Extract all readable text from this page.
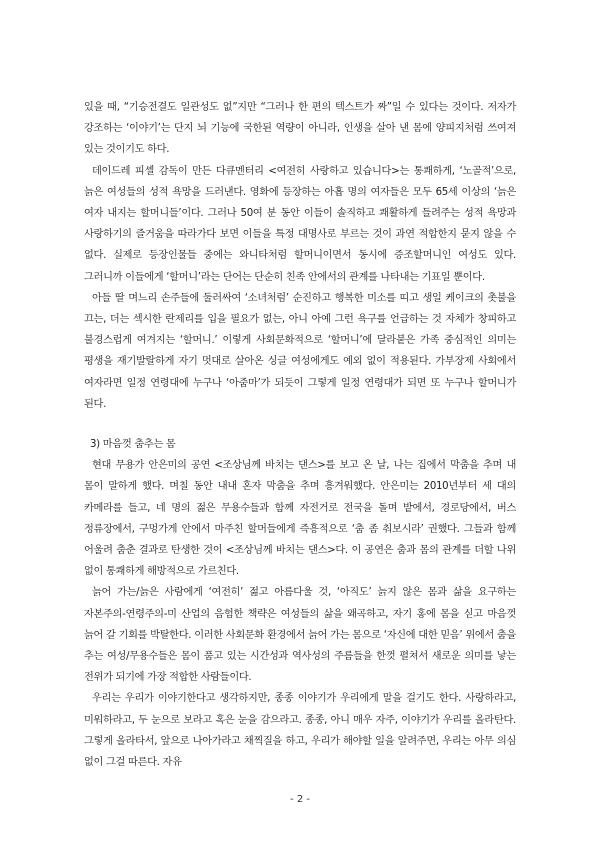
있을 때, “기승전결도 일관성도 없”지만 “그러나 한 편의 텍스트가 짜”일 수 있다는 것이다. 저자가 강조하는 ‘이야기’는 단지 뇌 기능에 국한된 역량이 아니라, 인생을 살아 낸 몸에 양피지처럼 쓰여져 있는 것이기도 하다.

데이드레 피셸 감독이 만든 다큐멘터리 <여전히 사랑하고 있습니다>는 통쾌하게, ‘노골적’으로, 늙은 여성들의 성적 욕망을 드러낸다. 영화에 등장하는 아홉 명의 여자들은 모두 65세 이상의 ‘늙은 여자 내지는 할머니들’이다. 그러나 50여 분 동안 이들이 솔직하고 쾌활하게 들려주는 성적 욕망과 사랑하기의 즐거움을 따라가다 보면 이들을 특정 대명사로 부르는 것이 과연 적합한지 묻지 않을 수 없다. 실제로 등장인물들 중에는 와니타처럼 할머니이면서 동시에 증조할머니인 여성도 있다. 그러니까 이들에게 ‘할머니’라는 단어는 단순히 친족 안에서의 관계를 나타내는 기표일 뿐이다.

아들 딸 며느리 손주들에 둘러싸여 ‘소녀처럼’ 순진하고 행복한 미소를 띠고 생일 케이크의 촛불을 끄는, 더는 섹시한 란제리를 입을 필요가 없는, 아니 아예 그런 욕구를 언급하는 것 자체가 창피하고 불경스럽게 여겨지는 ‘할머니.’ 이렇게 사회문화적으로 ‘할머니’에 달라붙은 가족 중심적인 의미는 평생을 재기발랄하게 자기 멋대로 살아온 싱글 여성에게도 예외 없이 적용된다. 가부장제 사회에서 여자라면 일정 연령대에 누구나 ‘아줌마’가 되듯이 그렇게 일정 연령대가 되면 또 누구나 할머니가 된다.

3) 마음껏 춤추는 몸

현대 무용가 안은미의 공연 <조상님께 바치는 댄스>를 보고 온 날, 나는 집에서 막춤을 추며 내 몸이 말하게 했다. 며칠 동안 내내 혼자 막춤을 추며 흥겨워했다. 안은미는 2010년부터 세 대의 카메라를 들고, 네 명의 젊은 무용수들과 함께 자전거로 전국을 돌며 밭에서, 경로당에서, 버스 정류장에서, 구멍가게 안에서 마주친 할머들에게 즉흥적으로 ‘춤 좀 춰보시라’ 권했다. 그들과 함께 어울려 춤춘 결과로 탄생한 것이 <조상님께 바치는 댄스>다. 이 공연은 춤과 몸의 관계를 더할 나위 없이 통쾌하게 해방적으로 가르친다.

늙어 가는/늙은 사람에게 ‘여전히’ 젊고 아름다울 것, ‘아직도’ 늙지 않은 몸과 삶을 요구하는 자본주의-연령주의-미 산업의 음험한 책략은 여성들의 삶을 왜곡하고, 자기 홍에 몸을 싣고 마음껏 늙어 갈 기회를 박탈한다. 이러한 사회문화 환경에서 늙어 가는 몸으로 ‘자신에 대한 믿음’ 위에서 춤을 추는 여성/무용수들은 몸이 품고 있는 시간성과 역사성의 주름들을 한껏 펼쳐서 새로운 의미를 낳는 전위가 되기에 가장 적합한 사람들이다.

우리는 우리가 이야기한다고 생각하지만, 종종 이야기가 우리에게 말을 걸기도 한다. 사랑하라고, 미워하라고, 두 눈으로 보라고 혹은 눈을 감으라고. 종종, 아니 매우 자주, 이야기가 우리를 올라탄다. 그렇게 올라타서, 앞으로 나아가라고 채찍질을 하고, 우리가 해야할 일을 알려주면, 우리는 아무 의심 없이 그걸 따른다. 자유

- 2 -
